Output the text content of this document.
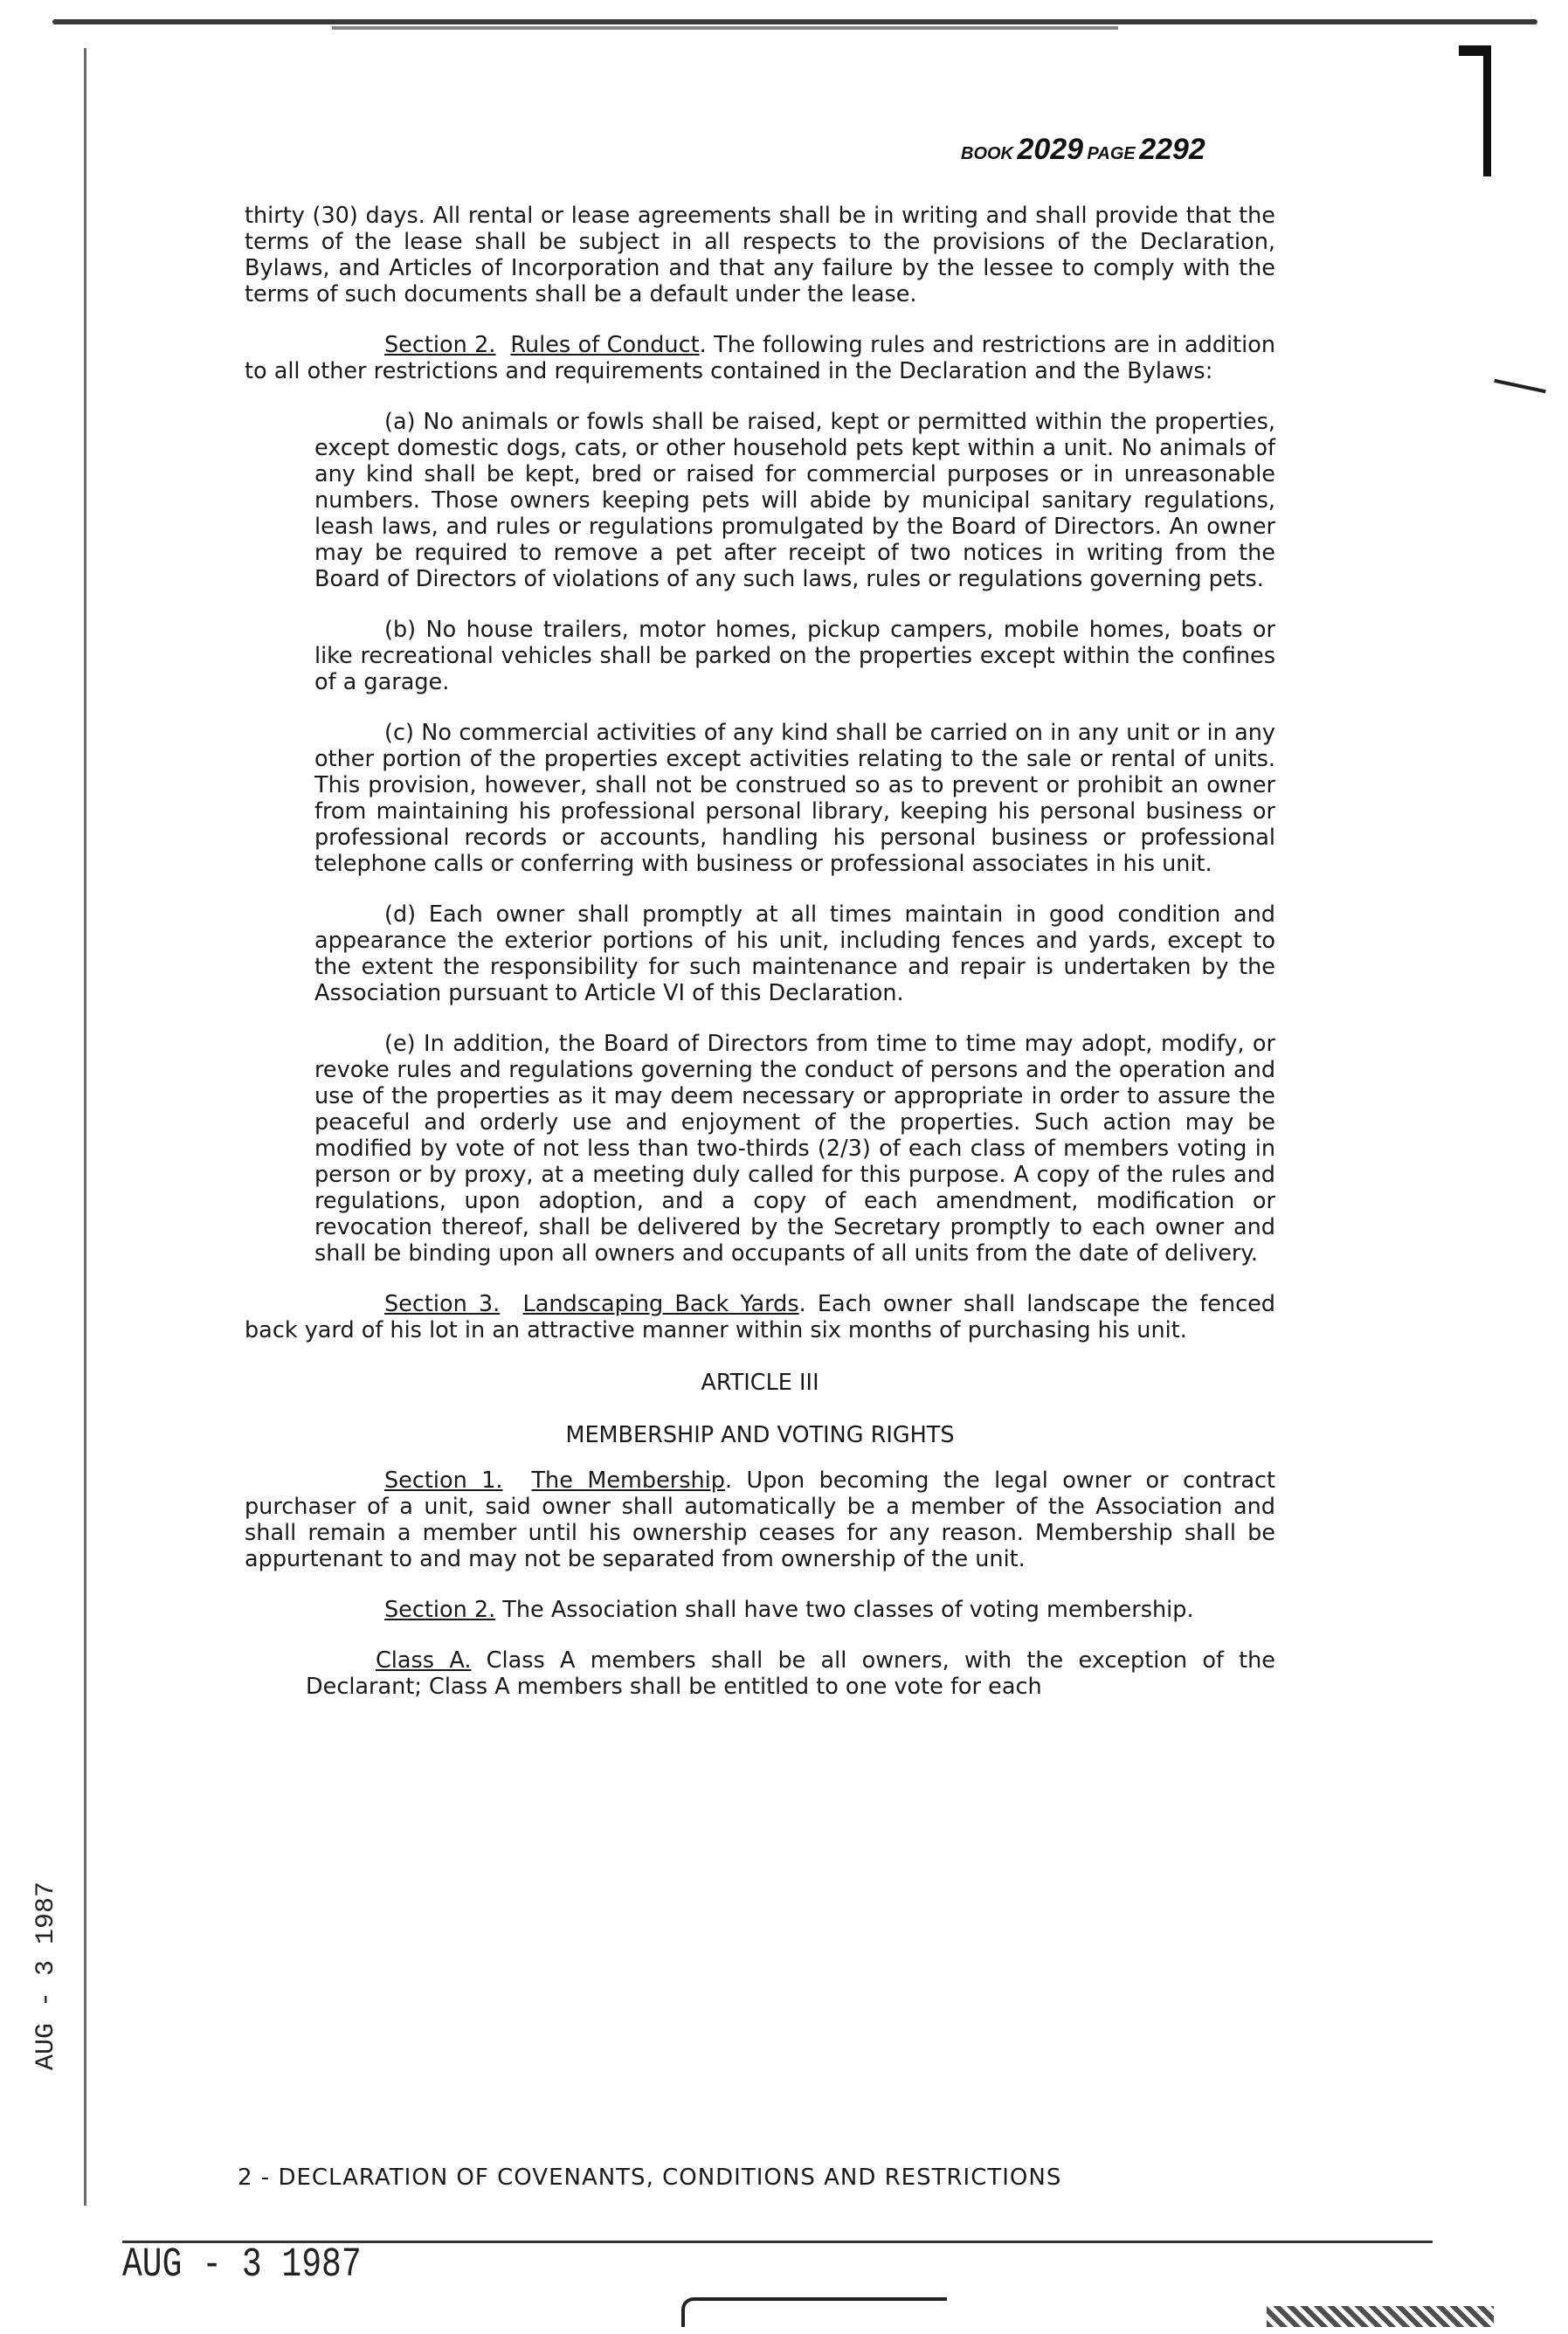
AUG - 3 1987
BOOK 2029 PAGE 2292

thirty (30) days. All rental or lease agreements shall be in writing and shall provide that the terms of the lease shall be subject in all respects to the provisions of the Declaration, Bylaws, and Articles of Incorporation and that any failure by the lessee to comply with the terms of such documents shall be a default under the lease.

Section 2. Rules of Conduct. The following rules and restrictions are in addition to all other restrictions and requirements contained in the Declaration and the Bylaws:

(a) No animals or fowls shall be raised, kept or permitted within the properties, except domestic dogs, cats, or other household pets kept within a unit. No animals of any kind shall be kept, bred or raised for commercial purposes or in unreasonable numbers. Those owners keeping pets will abide by municipal sanitary regulations, leash laws, and rules or regulations promulgated by the Board of Directors. An owner may be required to remove a pet after receipt of two notices in writing from the Board of Directors of violations of any such laws, rules or regulations governing pets.

(b) No house trailers, motor homes, pickup campers, mobile homes, boats or like recreational vehicles shall be parked on the properties except within the confines of a garage.

(c) No commercial activities of any kind shall be carried on in any unit or in any other portion of the properties except activities relating to the sale or rental of units. This provision, however, shall not be construed so as to prevent or prohibit an owner from maintaining his professional personal library, keeping his personal business or professional records or accounts, handling his personal business or professional telephone calls or conferring with business or professional associates in his unit.

(d) Each owner shall promptly at all times maintain in good condition and appearance the exterior portions of his unit, including fences and yards, except to the extent the responsibility for such maintenance and repair is undertaken by the Association pursuant to Article VI of this Declaration.

(e) In addition, the Board of Directors from time to time may adopt, modify, or revoke rules and regulations governing the conduct of persons and the operation and use of the properties as it may deem necessary or appropriate in order to assure the peaceful and orderly use and enjoyment of the properties. Such action may be modified by vote of not less than two-thirds (2/3) of each class of members voting in person or by proxy, at a meeting duly called for this purpose. A copy of the rules and regulations, upon adoption, and a copy of each amendment, modification or revocation thereof, shall be delivered by the Secretary promptly to each owner and shall be binding upon all owners and occupants of all units from the date of delivery.

Section 3. Landscaping Back Yards. Each owner shall landscape the fenced back yard of his lot in an attractive manner within six months of purchasing his unit.

ARTICLE III
MEMBERSHIP AND VOTING RIGHTS

Section 1. The Membership. Upon becoming the legal owner or contract purchaser of a unit, said owner shall automatically be a member of the Association and shall remain a member until his ownership ceases for any reason. Membership shall be appurtenant to and may not be separated from ownership of the unit.

Section 2. The Association shall have two classes of voting membership.

Class A. Class A members shall be all owners, with the exception of the Declarant; Class A members shall be entitled to one vote for each

2 - DECLARATION OF COVENANTS, CONDITIONS AND RESTRICTIONS
AUG - 3 1987
